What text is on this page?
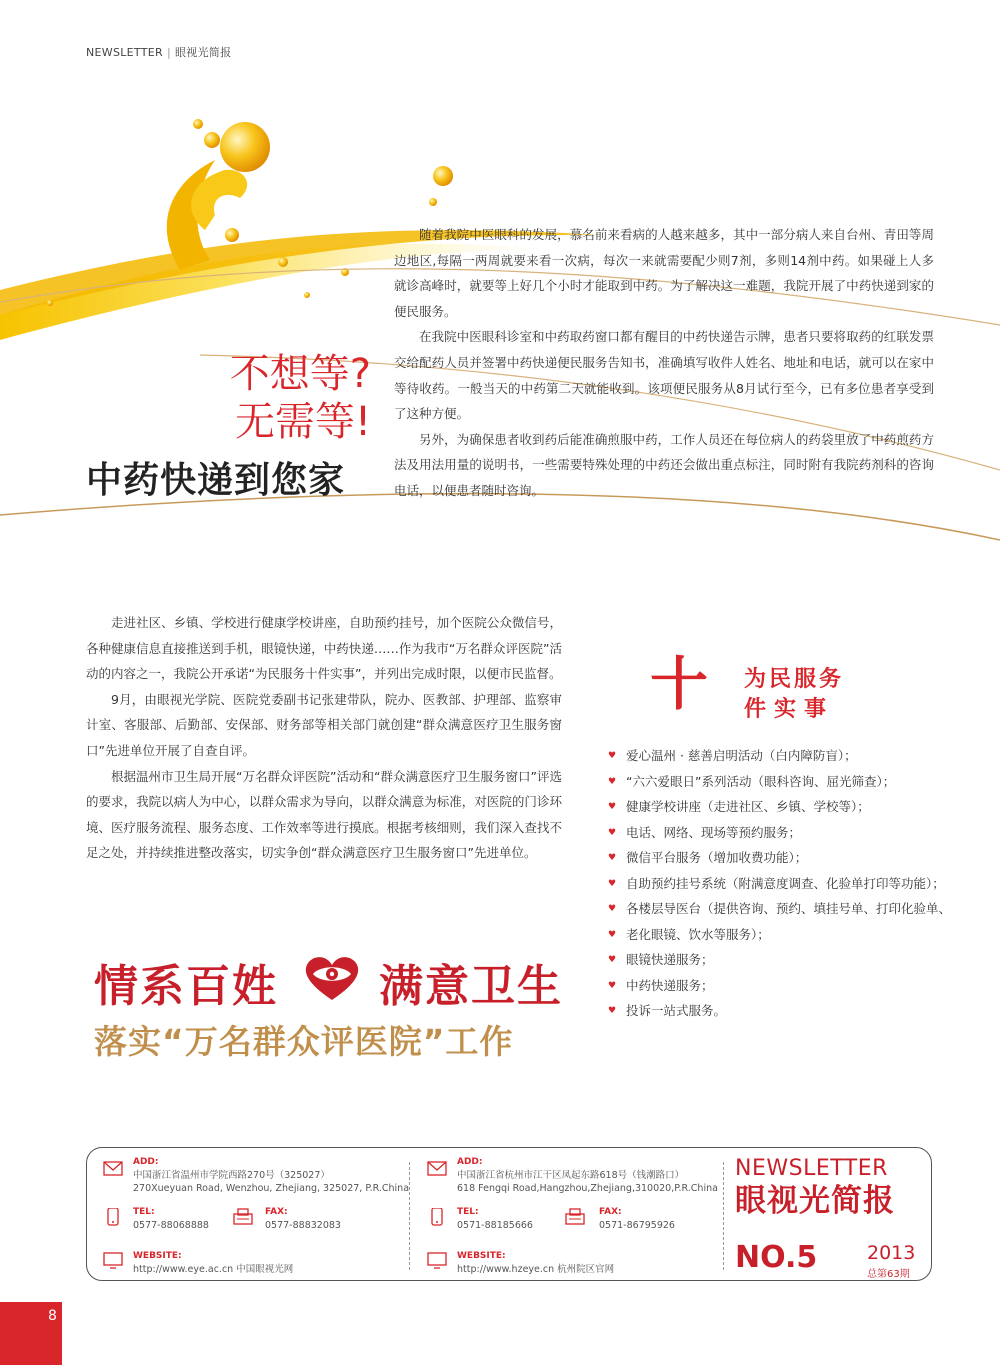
NEWSLETTER | 眼视光简报
不想等?
无需等!
中药快递到您家

随着我院中医眼科的发展，慕名前来看病的人越来越多，其中一部分病人来自台州、青田等周边地区,每隔一两周就要来看一次病，每次一来就需要配少则7剂，多则14剂中药。如果碰上人多就诊高峰时，就要等上好几个小时才能取到中药。为了解决这一难题，我院开展了中药快递到家的便民服务。

在我院中医眼科诊室和中药取药窗口都有醒目的中药快递告示牌，患者只要将取药的红联发票交给配药人员并签署中药快递便民服务告知书，准确填写收件人姓名、地址和电话，就可以在家中等待收药。一般当天的中药第二天就能收到。该项便民服务从8月试行至今，已有多位患者享受到了这种方便。

另外，为确保患者收到药后能准确煎服中药，工作人员还在每位病人的药袋里放了中药煎药方法及用法用量的说明书，一些需要特殊处理的中药还会做出重点标注，同时附有我院药剂科的咨询电话，以便患者随时咨询。

走进社区、乡镇、学校进行健康学校讲座，自助预约挂号，加个医院公众微信号，各种健康信息直接推送到手机，眼镜快递，中药快递……作为我市“万名群众评医院”活动的内容之一，我院公开承诺“为民服务十件实事”，并列出完成时限，以便市民监督。

9月，由眼视光学院、医院党委副书记张建带队，院办、医教部、护理部、监察审计室、客服部、后勤部、安保部、财务部等相关部门就创建“群众满意医疗卫生服务窗口”先进单位开展了自查自评。

根据温州市卫生局开展“万名群众评医院”活动和“群众满意医疗卫生服务窗口”评选的要求，我院以病人为中心，以群众需求为导向，以群众满意为标准，对医院的门诊环境、医疗服务流程、服务态度、工作效率等进行摸底。根据考核细则，我们深入查找不足之处，并持续推进整改落实，切实争创“群众满意医疗卫生服务窗口”先进单位。

十 为民服务
件实事
♥ 爱心温州 · 慈善启明活动（白内障防盲）；
♥ “六六爱眼日”系列活动（眼科咨询、屈光筛查）；
♥ 健康学校讲座（走进社区、乡镇、学校等）；
♥ 电话、网络、现场等预约服务；
♥ 微信平台服务（增加收费功能）；
♥ 自助预约挂号系统（附满意度调查、化验单打印等功能）；
♥ 各楼层导医台（提供咨询、预约、填挂号单、打印化验单、
♥ 老化眼镜、饮水等服务）；
♥ 眼镜快递服务；
♥ 中药快递服务；
♥ 投诉一站式服务。
情系百姓 满意卫生
落实“万名群众评医院”工作
ADD:
中国浙江省温州市学院西路270号（325027）
270Xueyuan Road, Wenzhou, Zhejiang, 325027, P.R.China
TEL:
0577-88068888
FAX:
0577-88832083
WEBSITE:
http://www.eye.ac.cn 中国眼视光网
ADD:
中国浙江省杭州市江干区凤起东路618号（钱潮路口）
618 Fengqi Road,Hangzhou,Zhejiang,310020,P.R.China
TEL:
0571-88185666
FAX:
0571-86795926
WEBSITE:
http://www.hzeye.cn 杭州院区官网
NEWSLETTER
眼视光简报
NO.5	2013
总第63期
8
